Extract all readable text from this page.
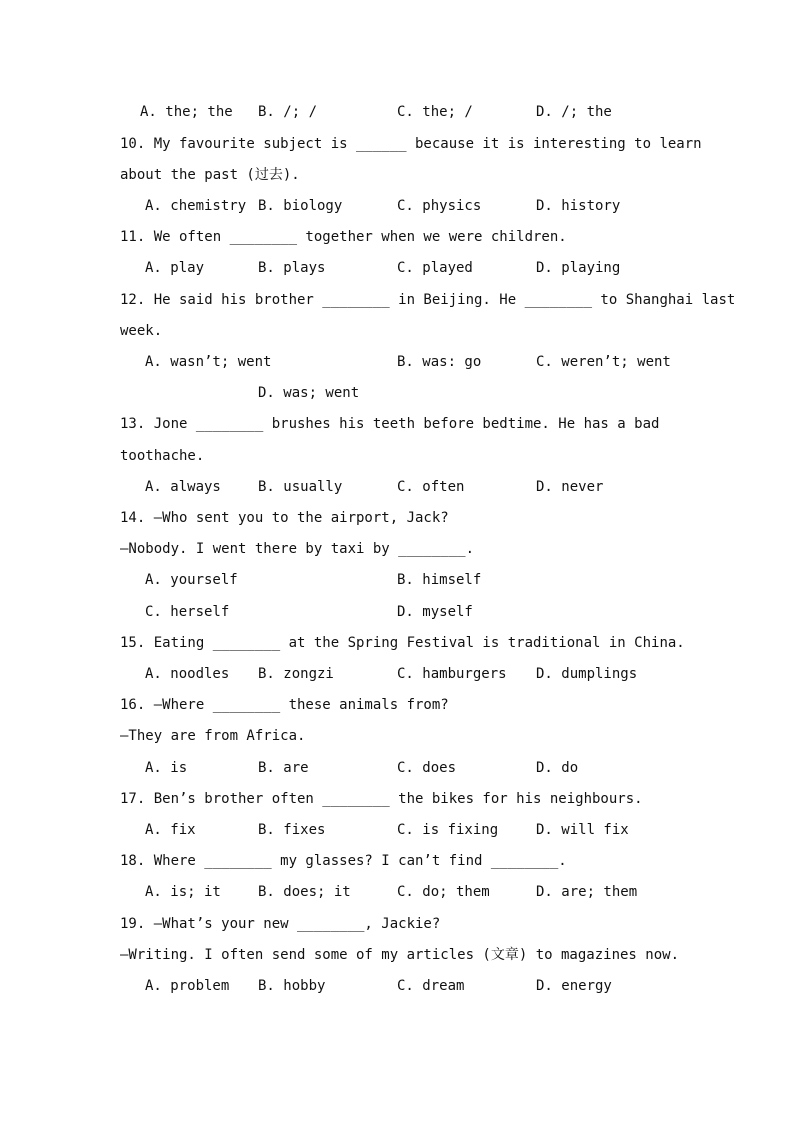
A. the; the B. /; /	C. the; /	D. /; the
10. My favourite subject is ______ because it is interesting to learn
about the past (过去).
A. chemistry B. biology	C. physics	D. history
11. We often ________ together when we were children.
A. play	B. plays	C. played	D. playing
12. He said his brother ________ in Beijing. He ________ to Shanghai last
week.
A. wasn’t; went	B. was: go	C. weren’t; went
D. was; went
13. Jone ________ brushes his teeth before bedtime. He has a bad
toothache.
A. always	B. usually	C. often	D. never
14. —Who sent you to the airport, Jack?
—Nobody. I went there by taxi by ________.
A. yourself	B. himself
C. herself	D. myself
15. Eating ________ at the Spring Festival is traditional in China.
A. noodles B. zongzi	C. hamburgers D. dumplings
16. —Where ________ these animals from?
—They are from Africa.
A. is	B. are	C. does	D. do
17. Ben’s brother often ________ the bikes for his neighbours.
A. fix	B. fixes	C. is fixing	D. will fix
18. Where ________ my glasses? I can’t find ________.
A. is; it	B. does; it	C. do; them	D. are; them
19. —What’s your new ________, Jackie?
—Writing. I often send some of my articles (文章) to magazines now.
A. problem B. hobby	C. dream	D. energy
